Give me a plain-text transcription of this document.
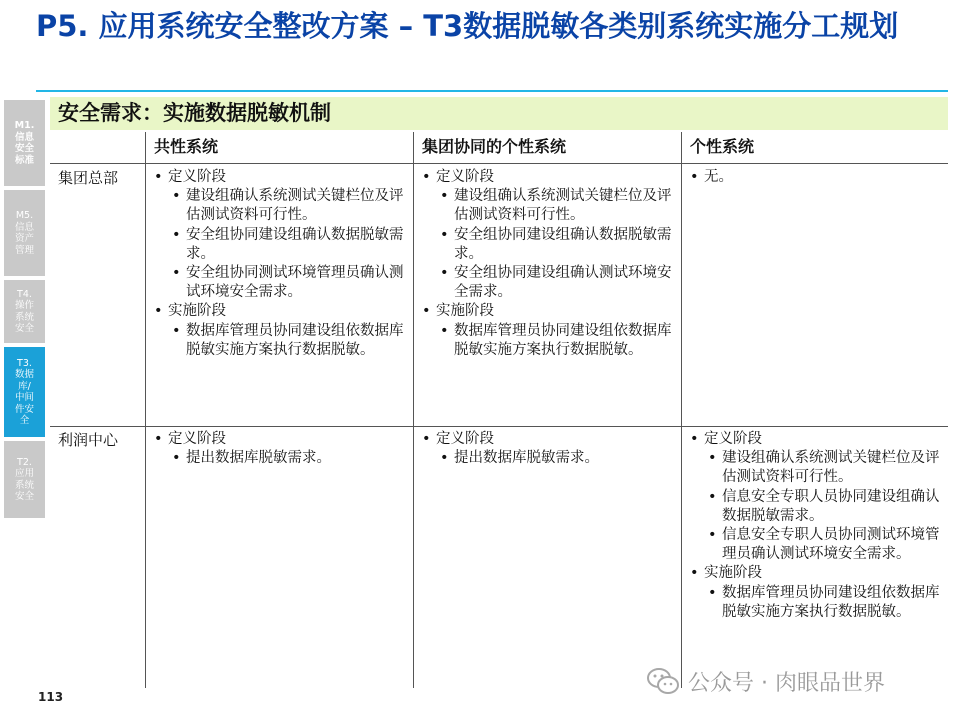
P5. 应用系统安全整改方案 – T3数据脱敏各类别系统实施分工规划
M1.
信息
安全
标准
M5.
信息
资产
管理
T4.
操作
系统
安全
T3.
数据
库/
中间
件安
全
T2.
应用
系统
安全
安全需求：实施数据脱敏机制
共性系统	集团协同的个性系统	个性系统
集团总部
利润中心
• 定义阶段
• 建设组确认系统测试关键栏位及评估测试资料可行性。
• 安全组协同建设组确认数据脱敏需求。
• 安全组协同测试环境管理员确认测试环境安全需求。
• 实施阶段
• 数据库管理员协同建设组依数据库脱敏实施方案执行数据脱敏。
• 定义阶段
• 建设组确认系统测试关键栏位及评估测试资料可行性。
• 安全组协同建设组确认数据脱敏需求。
• 安全组协同建设组确认测试环境安全需求。
• 实施阶段
• 数据库管理员协同建设组依数据库脱敏实施方案执行数据脱敏。
• 无。
• 定义阶段
• 提出数据库脱敏需求。
• 定义阶段
• 提出数据库脱敏需求。
• 定义阶段
• 建设组确认系统测试关键栏位及评估测试资料可行性。
• 信息安全专职人员协同建设组确认数据脱敏需求。
• 信息安全专职人员协同测试环境管理员确认测试环境安全需求。
• 实施阶段
• 数据库管理员协同建设组依数据库脱敏实施方案执行数据脱敏。
113
公众号 · 肉眼品世界
